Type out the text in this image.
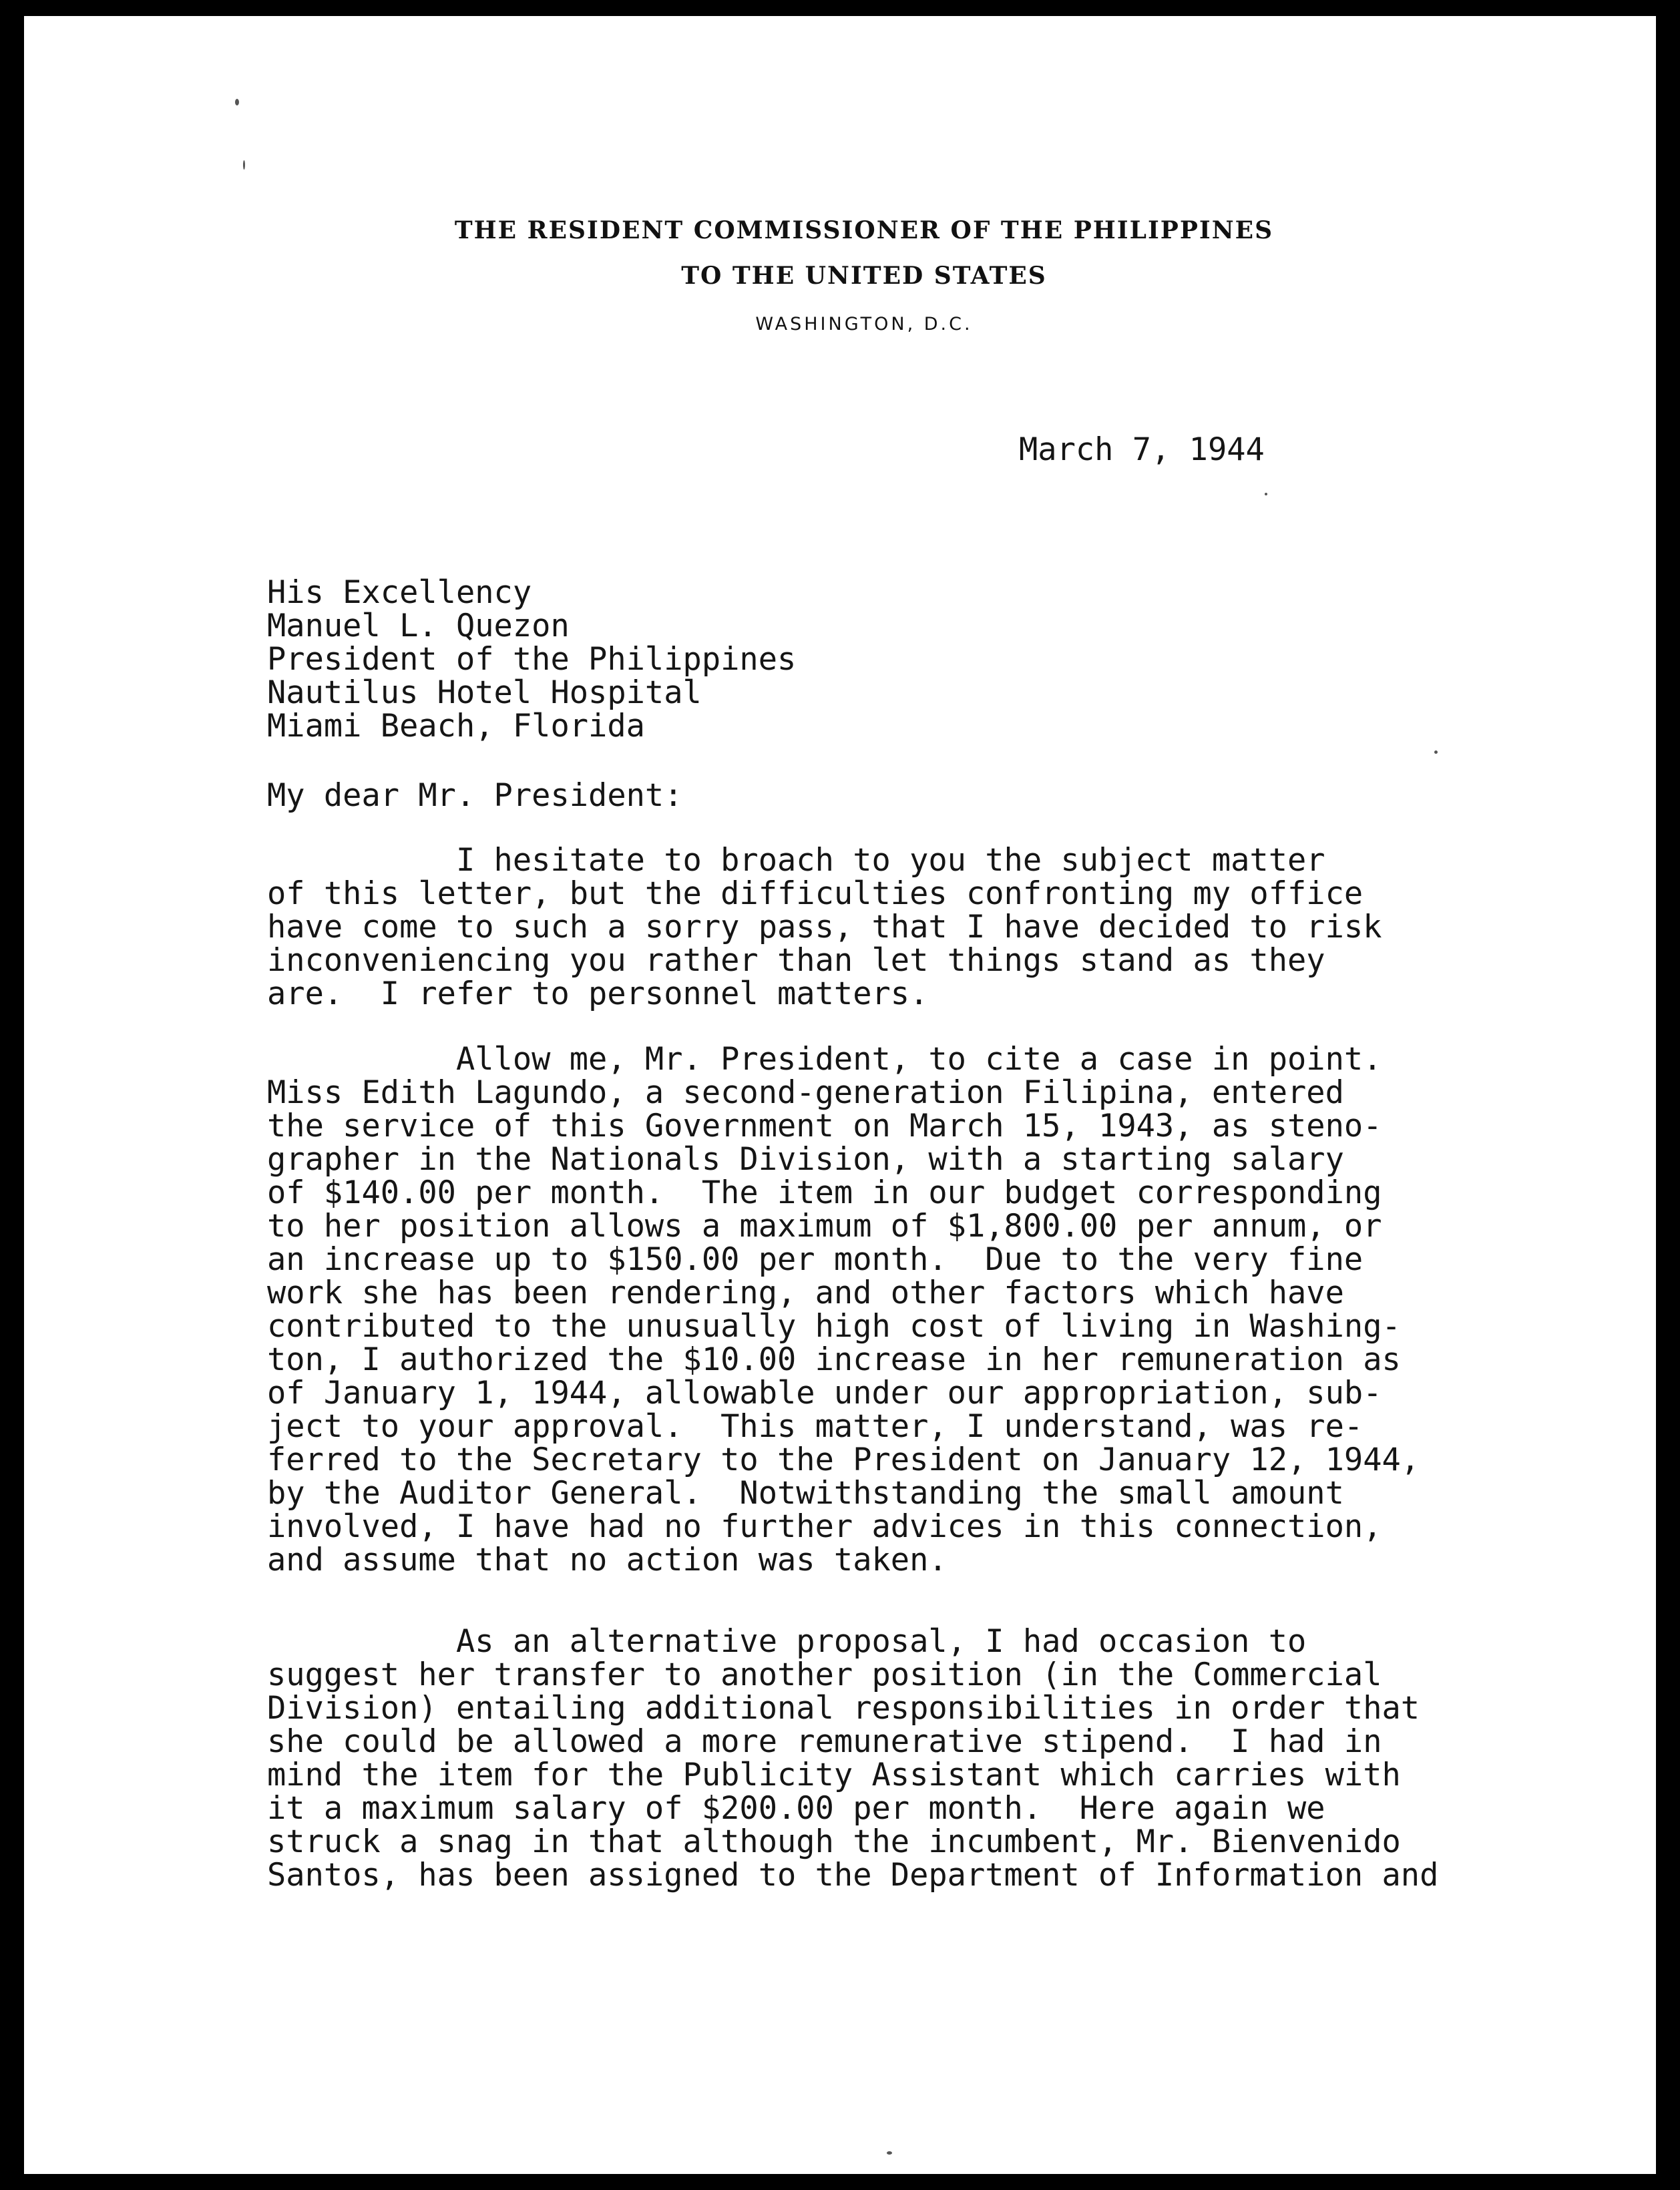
THE RESIDENT COMMISSIONER OF THE PHILIPPINES
TO THE UNITED STATES
WASHINGTON, D.C.
March 7, 1944
His Excellency
Manuel L. Quezon
President of the Philippines
Nautilus Hotel Hospital
Miami Beach, Florida
My dear Mr. President:
I hesitate to broach to you the subject matter
of this letter, but the difficulties confronting my office
have come to such a sorry pass, that I have decided to risk
inconveniencing you rather than let things stand as they
are.  I refer to personnel matters.
Allow me, Mr. President, to cite a case in point.
Miss Edith Lagundo, a second-generation Filipina, entered
the service of this Government on March 15, 1943, as steno-
grapher in the Nationals Division, with a starting salary
of $140.00 per month.  The item in our budget corresponding
to her position allows a maximum of $1,800.00 per annum, or
an increase up to $150.00 per month.  Due to the very fine
work she has been rendering, and other factors which have
contributed to the unusually high cost of living in Washing-
ton, I authorized the $10.00 increase in her remuneration as
of January 1, 1944, allowable under our appropriation, sub-
ject to your approval.  This matter, I understand, was re-
ferred to the Secretary to the President on January 12, 1944,
by the Auditor General.  Notwithstanding the small amount
involved, I have had no further advices in this connection,
and assume that no action was taken.
As an alternative proposal, I had occasion to
suggest her transfer to another position (in the Commercial
Division) entailing additional responsibilities in order that
she could be allowed a more remunerative stipend.  I had in
mind the item for the Publicity Assistant which carries with
it a maximum salary of $200.00 per month.  Here again we
struck a snag in that although the incumbent, Mr. Bienvenido
Santos, has been assigned to the Department of Information and
